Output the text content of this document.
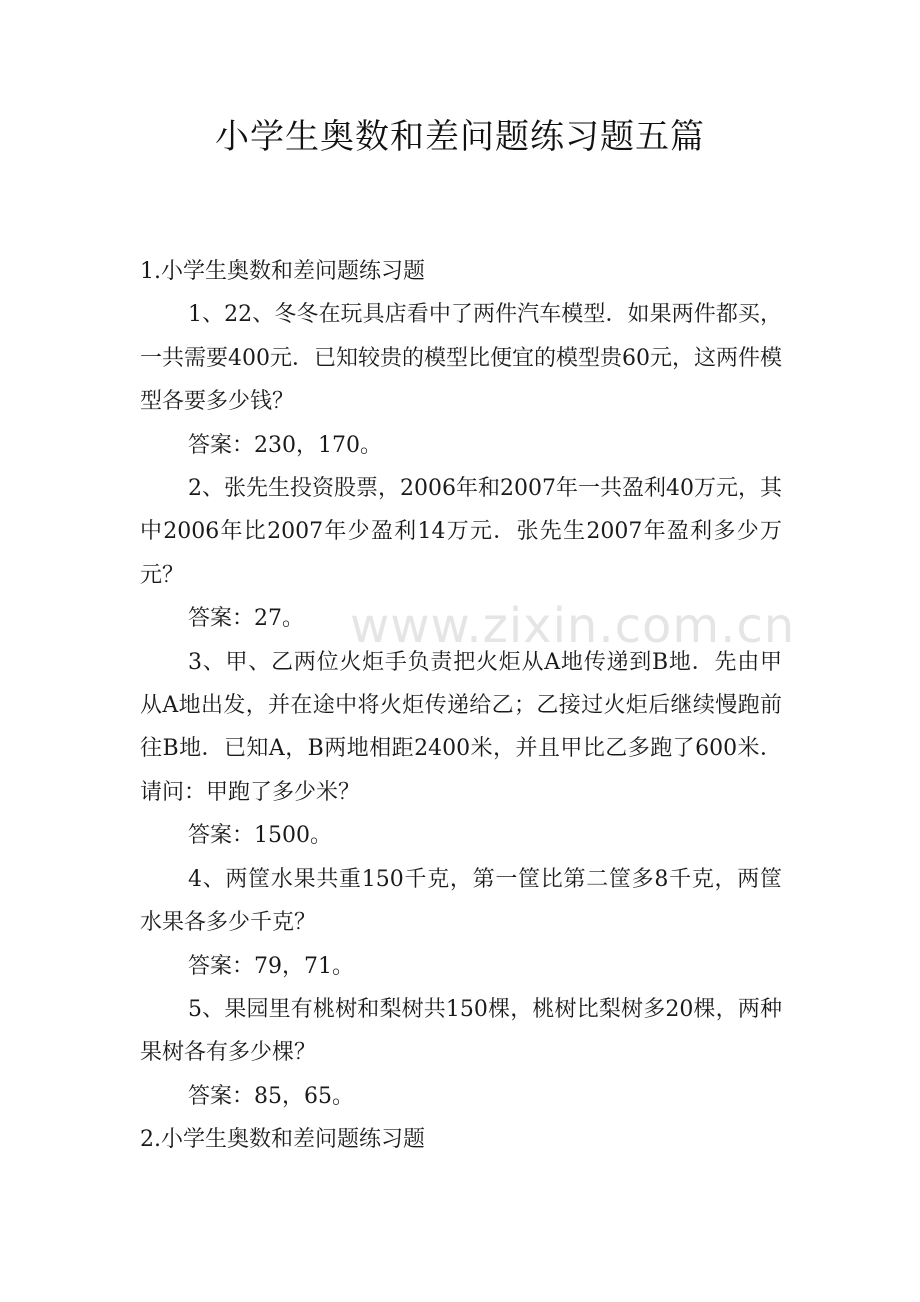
小学生奥数和差问题练习题五篇

1.小学生奥数和差问题练习题

1、22、冬冬在玩具店看中了两件汽车模型．如果两件都买，一共需要400元．已知较贵的模型比便宜的模型贵60元，这两件模型各要多少钱？

答案：230，170。

2、张先生投资股票，2006年和2007年一共盈利40万元，其中2006年比2007年少盈利14万元．张先生2007年盈利多少万元？

答案：27。

3、甲、乙两位火炬手负责把火炬从A地传递到B地．先由甲从A地出发，并在途中将火炬传递给乙；乙接过火炬后继续慢跑前往B地．已知A，B两地相距2400米，并且甲比乙多跑了600米．请问：甲跑了多少米？

答案：1500。

4、两筐水果共重150千克，第一筐比第二筐多8千克，两筐水果各多少千克？

答案：79，71。

5、果园里有桃树和梨树共150棵，桃树比梨树多20棵，两种果树各有多少棵？

答案：85，65。

2.小学生奥数和差问题练习题

www.zixin.com.cn
